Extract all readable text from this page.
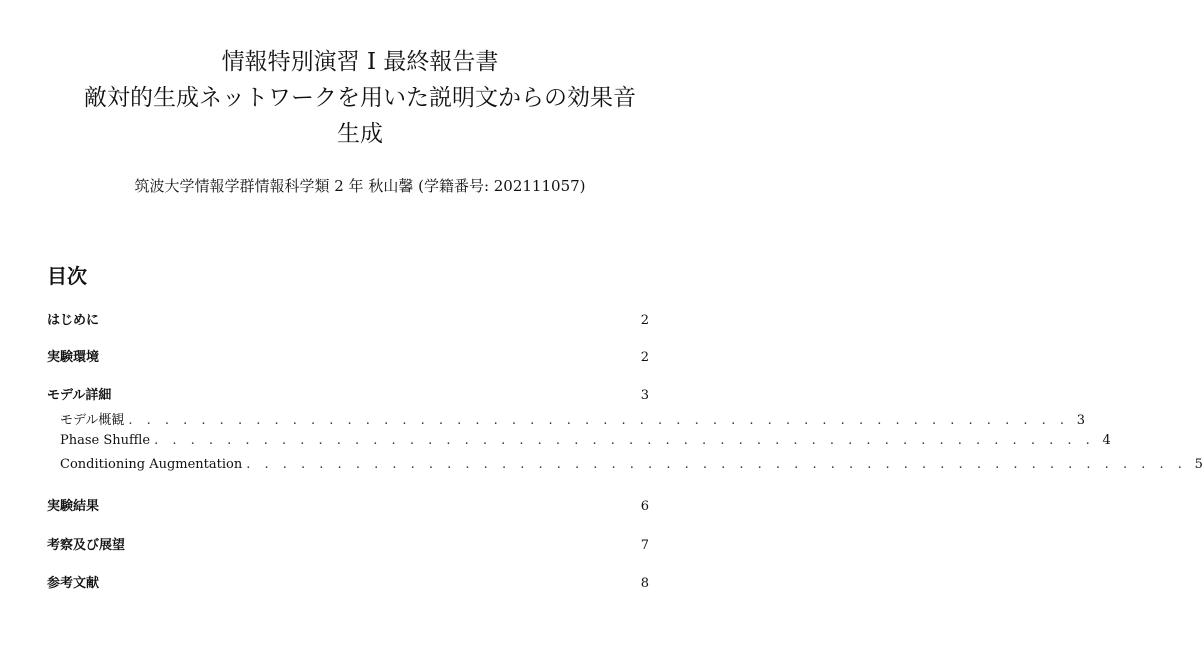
情報特別演習 I 最終報告書
敵対的生成ネットワークを用いた説明文からの効果音
生成
筑波大学情報学群情報科学類 2 年 秋山馨 (学籍番号: 202111057)
目次
はじめに	2
実験環境	2
モデル詳細	3
モデル概観 . . . . . . . . . . . . . . . . . . . . . . . . . . . . . . . . . . . . . . . . . . . . . . . . . . . . 3
Phase Shuffle . . . . . . . . . . . . . . . . . . . . . . . . . . . . . . . . . . . . . . . . . . . . . . . . . . . . 4
Conditioning Augmentation . . . . . . . . . . . . . . . . . . . . . . . . . . . . . . . . . . . . . . . . . . . . . . . . . . . . 5
実験結果	6
考察及び展望	7
参考文献	8
